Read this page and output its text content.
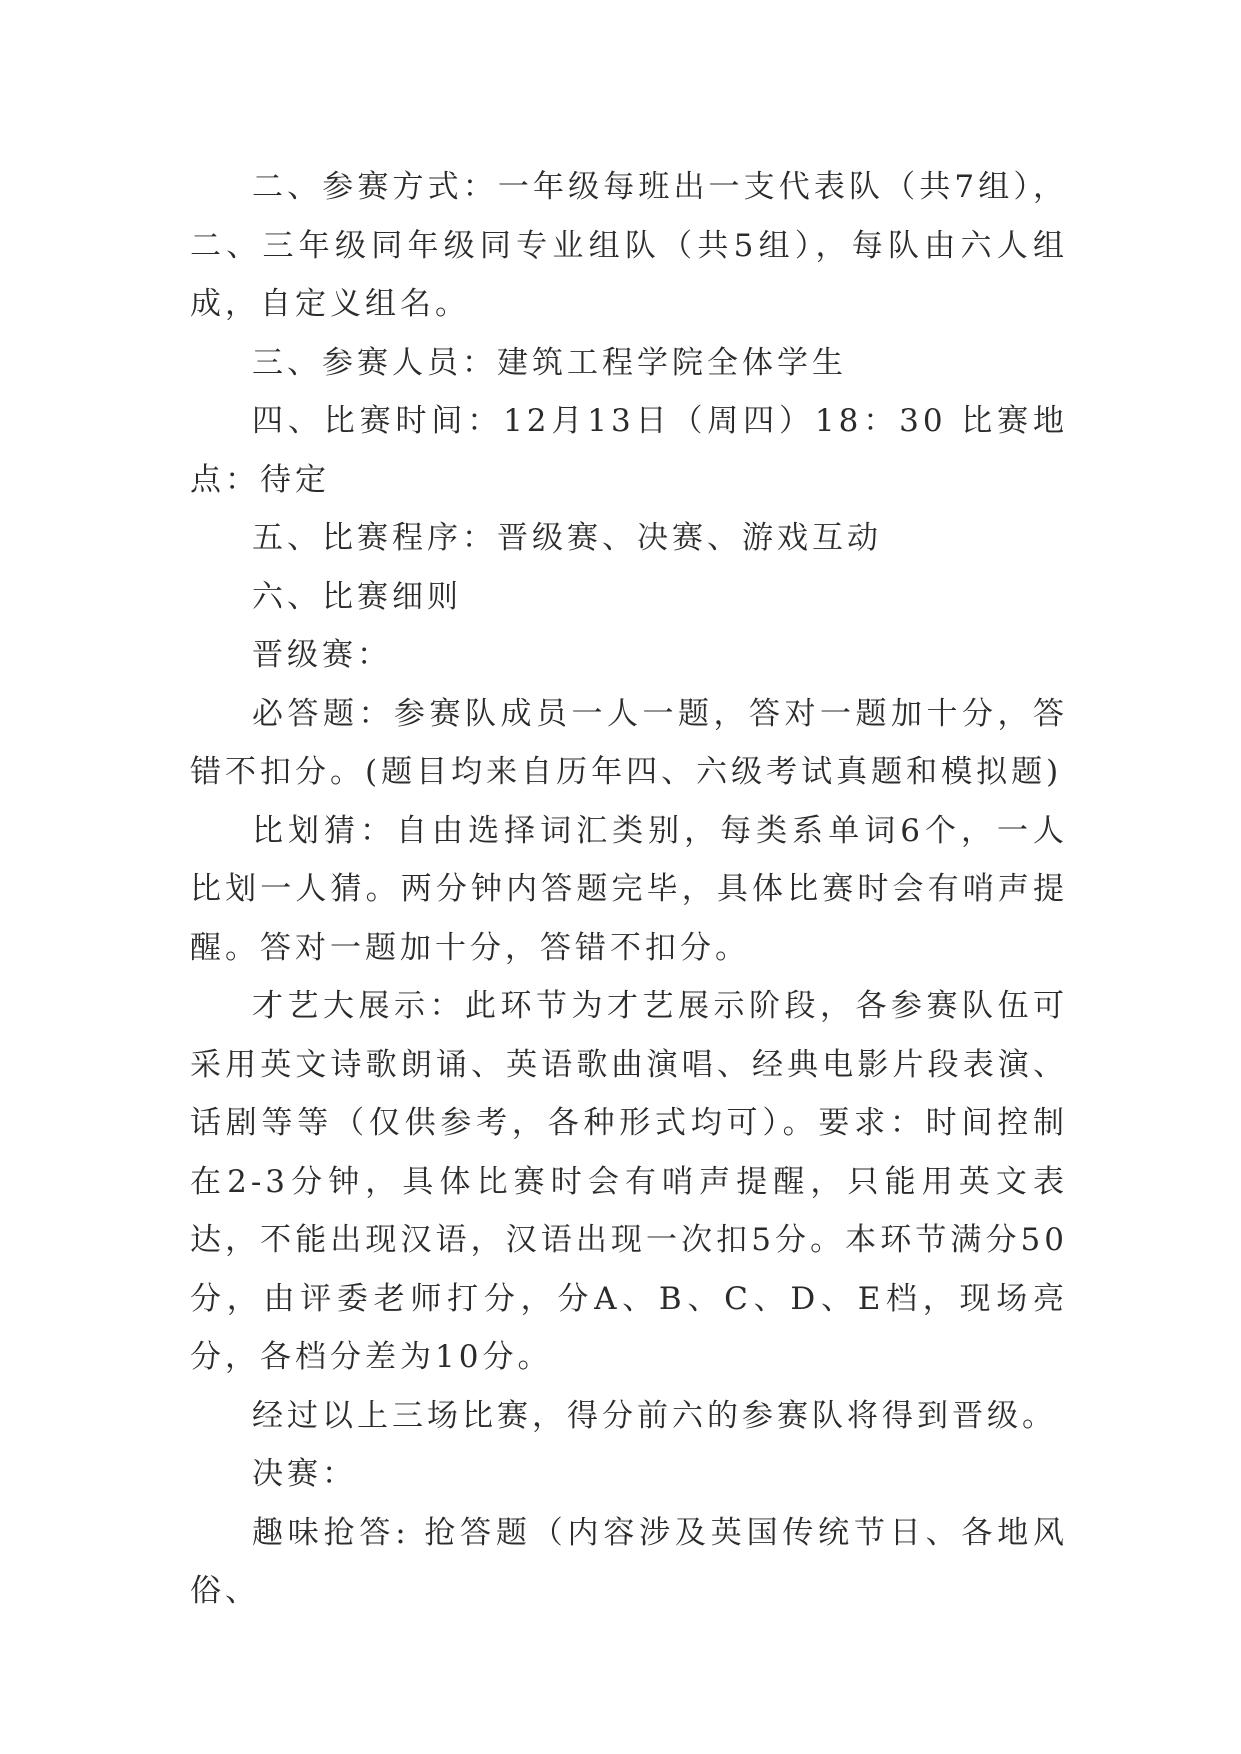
二、参赛方式：一年级每班出一支代表队（共7组），二、三年级同年级同专业组队（共5组），每队由六人组成，自定义组名。

三、参赛人员：建筑工程学院全体学生

四、比赛时间：12月13日（周四）18：30 比赛地点：待定

五、比赛程序：晋级赛、决赛、游戏互动

六、比赛细则

晋级赛：

必答题：参赛队成员一人一题，答对一题加十分，答错不扣分。(题目均来自历年四、六级考试真题和模拟题)

比划猜：自由选择词汇类别，每类系单词6个，一人比划一人猜。两分钟内答题完毕，具体比赛时会有哨声提醒。答对一题加十分，答错不扣分。

才艺大展示：此环节为才艺展示阶段，各参赛队伍可采用英文诗歌朗诵、英语歌曲演唱、经典电影片段表演、话剧等等（仅供参考，各种形式均可）。要求：时间控制在2-3分钟，具体比赛时会有哨声提醒，只能用英文表达，不能出现汉语，汉语出现一次扣5分。本环节满分50分，由评委老师打分，分A、B、C、D、E档，现场亮分，各档分差为10分。

经过以上三场比赛，得分前六的参赛队将得到晋级。

决赛：

趣味抢答: 抢答题（内容涉及英国传统节日、各地风俗、
